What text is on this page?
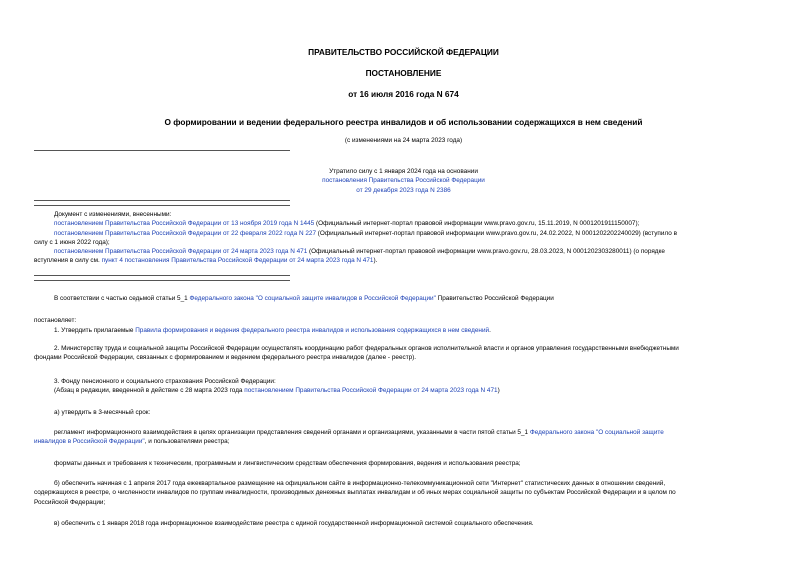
ПРАВИТЕЛЬСТВО РОССИЙСКОЙ ФЕДЕРАЦИИ
ПОСТАНОВЛЕНИЕ
от 16 июля 2016 года N 674
О формировании и ведении федерального реестра инвалидов и об использовании содержащихся в нем сведений
(с изменениями на 24 марта 2023 года)
Утратило силу с 1 января 2024 года на основании
постановления Правительства Российской Федерации
от 29 декабря 2023 года N 2386
Документ с изменениями, внесенными:
постановлением Правительства Российской Федерации от 13 ноября 2019 года N 1445 (Официальный интернет-портал правовой информации www.pravo.gov.ru, 15.11.2019, N 0001201911150007);
постановлением Правительства Российской Федерации от 22 февраля 2022 года N 227 (Официальный интернет-портал правовой информации www.pravo.gov.ru, 24.02.2022, N 0001202202240029) (вступило в
силу с 1 июня 2022 года);
постановлением Правительства Российской Федерации от 24 марта 2023 года N 471 (Официальный интернет-портал правовой информации www.pravo.gov.ru, 28.03.2023, N 0001202303280011) (о порядке
вступления в силу см. пункт 4 постановления Правительства Российской Федерации от 24 марта 2023 года N 471).
В соответствии с частью седьмой статьи 5_1 Федерального закона "О социальной защите инвалидов в Российской Федерации" Правительство Российской Федерации
постановляет:
1. Утвердить прилагаемые Правила формирования и ведения федерального реестра инвалидов и использования содержащихся в нем сведений.
2. Министерству труда и социальной защиты Российской Федерации осуществлять координацию работ федеральных органов исполнительной власти и органов управления государственными внебюджетными
фондами Российской Федерации, связанных с формированием и ведением федерального реестра инвалидов (далее - реестр).
3. Фонду пенсионного и социального страхования Российской Федерации:
(Абзац в редакции, введенной в действие с 28 марта 2023 года постановлением Правительства Российской Федерации от 24 марта 2023 года N 471)
а) утвердить в 3-месячный срок:
регламент информационного взаимодействия в целях организации представления сведений органами и организациями, указанными в части пятой статьи 5_1 Федерального закона "О социальной защите
инвалидов в Российской Федерации", и пользователями реестра;
форматы данных и требования к техническим, программным и лингвистическим средствам обеспечения формирования, ведения и использования реестра;
б) обеспечить начиная с 1 апреля 2017 года ежеквартальное размещение на официальном сайте в информационно-телекоммуникационной сети "Интернет" статистических данных в отношении сведений,
содержащихся в реестре, о численности инвалидов по группам инвалидности, производимых денежных выплатах инвалидам и об иных мерах социальной защиты по субъектам Российской Федерации и в целом по
Российской Федерации;
в) обеспечить с 1 января 2018 года информационное взаимодействие реестра с единой государственной информационной системой социального обеспечения.
